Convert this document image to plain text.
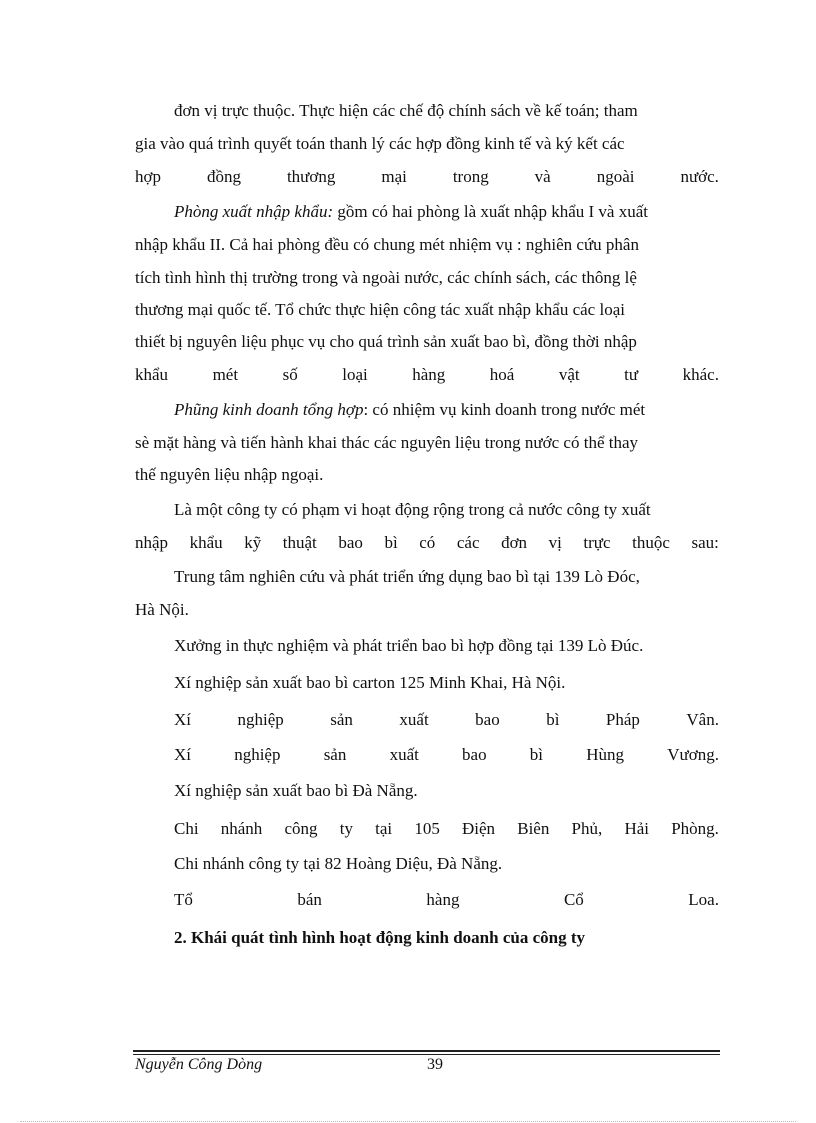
đơn vị trực thuộc. Thực hiện các chế độ chính sách về kế toán; tham
gia vào quá trình quyết toán thanh lý các hợp đồng kinh tế và ký kết các
hợp	đồng	thương	mại	trong	và	ngoài	nước.
Phòng xuất nhập khẩu: gồm có hai phòng là xuất nhập khẩu I và xuất
nhập khẩu II. Cả hai phòng đều có chung mét nhiệm vụ : nghiên cứu phân
tích tình hình thị trường trong và ngoài nước, các chính sách, các thông lệ
thương mại quốc tế. Tổ chức thực hiện công tác xuất nhập khẩu các loại
thiết bị nguyên liệu phục vụ cho quá trình sản xuất bao bì, đồng thời nhập
khẩu	mét	số	loại	hàng	hoá	vật	tư	khác.
Phũng kinh doanh tổng hợp: có nhiệm vụ kinh doanh trong nước mét
sè mặt hàng và tiến hành khai thác các nguyên liệu trong nước có thể thay
thế nguyên liệu nhập ngoại.
Là một công ty có phạm vi hoạt động rộng trong cả nước công ty xuất
nhập khẩu kỹ thuật bao bì có các đơn vị trực thuộc sau:
Trung tâm nghiên cứu và phát triển ứng dụng bao bì tại 139 Lò Đóc,
Hà Nội.
Xưởng in thực nghiệm và phát triển bao bì hợp đồng tại 139 Lò Đúc.
Xí nghiệp sản xuất bao bì carton 125 Minh Khai, Hà Nội.
Xí	nghiệp	sản	xuất	bao	bì	Pháp	Vân.
Xí	nghiệp	sản	xuất	bao	bì	Hùng	Vương.
Xí nghiệp sản xuất bao bì Đà Nẵng.
Chi nhánh công ty tại 105 Điện Biên Phủ, Hải Phòng.
Chi nhánh công ty tại 82 Hoàng Diệu, Đà Nẵng.
Tổ	bán	hàng	Cổ	Loa.
2. Khái quát tình hình hoạt động kinh doanh của công ty
Nguyễn Công Dòng	39
